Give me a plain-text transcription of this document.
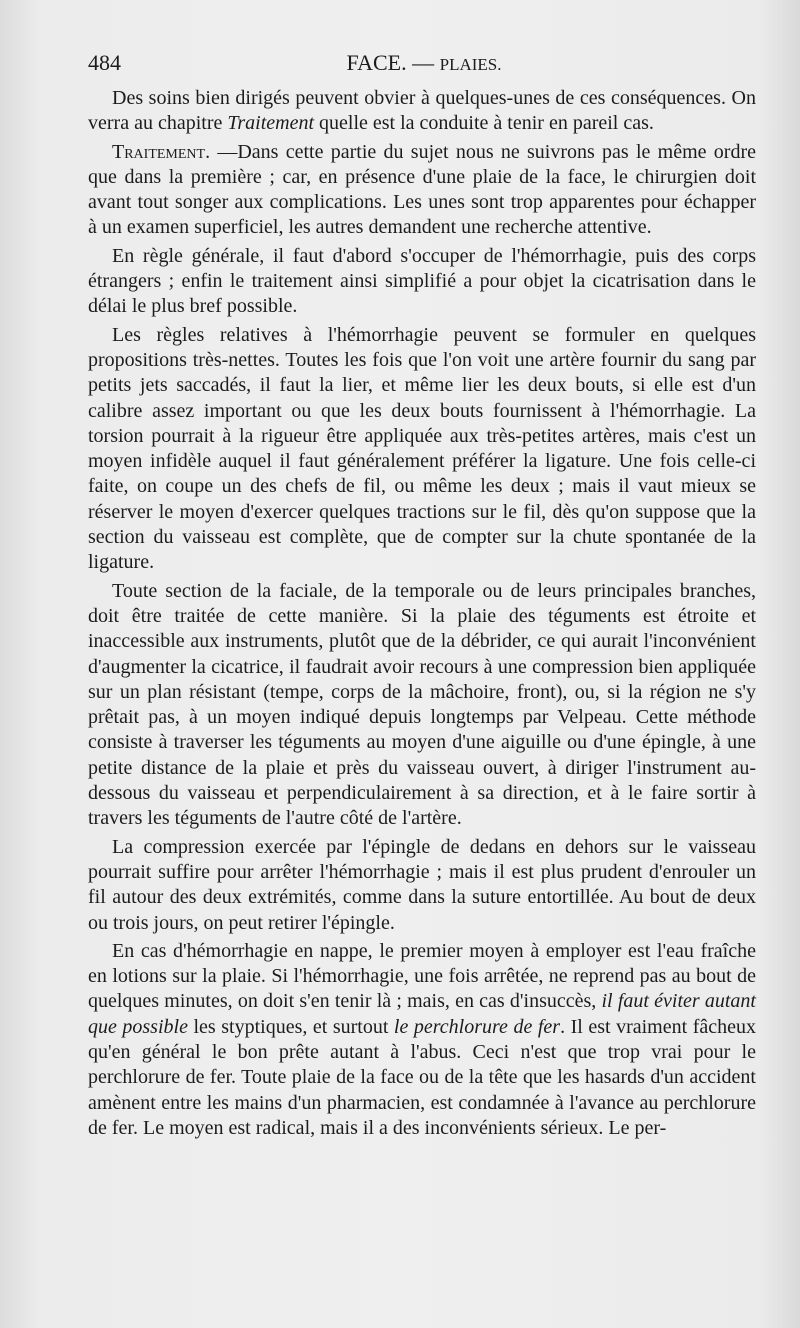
484	FACE. — PLAIES.

Des soins bien dirigés peuvent obvier à quelques-unes de ces conséquences. On verra au chapitre Traitement quelle est la conduite à tenir en pareil cas.

Traitement. —Dans cette partie du sujet nous ne suivrons pas le même ordre que dans la première ; car, en présence d'une plaie de la face, le chirurgien doit avant tout songer aux complications. Les unes sont trop apparentes pour échapper à un examen superficiel, les autres demandent une recherche attentive.

En règle générale, il faut d'abord s'occuper de l'hémorrhagie, puis des corps étrangers ; enfin le traitement ainsi simplifié a pour objet la cicatrisation dans le délai le plus bref possible.

Les règles relatives à l'hémorrhagie peuvent se formuler en quelques propositions très-nettes. Toutes les fois que l'on voit une artère fournir du sang par petits jets saccadés, il faut la lier, et même lier les deux bouts, si elle est d'un calibre assez important ou que les deux bouts fournissent à l'hémorrhagie. La torsion pourrait à la rigueur être appliquée aux très-petites artères, mais c'est un moyen infidèle auquel il faut généralement préférer la ligature. Une fois celle-ci faite, on coupe un des chefs de fil, ou même les deux ; mais il vaut mieux se réserver le moyen d'exercer quelques tractions sur le fil, dès qu'on suppose que la section du vaisseau est complète, que de compter sur la chute spontanée de la ligature.

Toute section de la faciale, de la temporale ou de leurs principales branches, doit être traitée de cette manière. Si la plaie des téguments est étroite et inaccessible aux instruments, plutôt que de la débrider, ce qui aurait l'inconvénient d'augmenter la cicatrice, il faudrait avoir recours à une compression bien appliquée sur un plan résistant (tempe, corps de la mâchoire, front), ou, si la région ne s'y prêtait pas, à un moyen indiqué depuis longtemps par Velpeau. Cette méthode consiste à traverser les téguments au moyen d'une aiguille ou d'une épingle, à une petite distance de la plaie et près du vaisseau ouvert, à diriger l'instrument au-dessous du vaisseau et perpendiculairement à sa direction, et à le faire sortir à travers les téguments de l'autre côté de l'artère.

La compression exercée par l'épingle de dedans en dehors sur le vaisseau pourrait suffire pour arrêter l'hémorrhagie ; mais il est plus prudent d'enrouler un fil autour des deux extrémités, comme dans la suture entortillée. Au bout de deux ou trois jours, on peut retirer l'épingle.

En cas d'hémorrhagie en nappe, le premier moyen à employer est l'eau fraîche en lotions sur la plaie. Si l'hémorrhagie, une fois arrêtée, ne reprend pas au bout de quelques minutes, on doit s'en tenir là ; mais, en cas d'insuccès, il faut éviter autant que possible les styptiques, et surtout le perchlorure de fer. Il est vraiment fâcheux qu'en général le bon prête autant à l'abus. Ceci n'est que trop vrai pour le perchlorure de fer. Toute plaie de la face ou de la tête que les hasards d'un accident amènent entre les mains d'un pharmacien, est condamnée à l'avance au perchlorure de fer. Le moyen est radical, mais il a des inconvénients sérieux. Le per-
